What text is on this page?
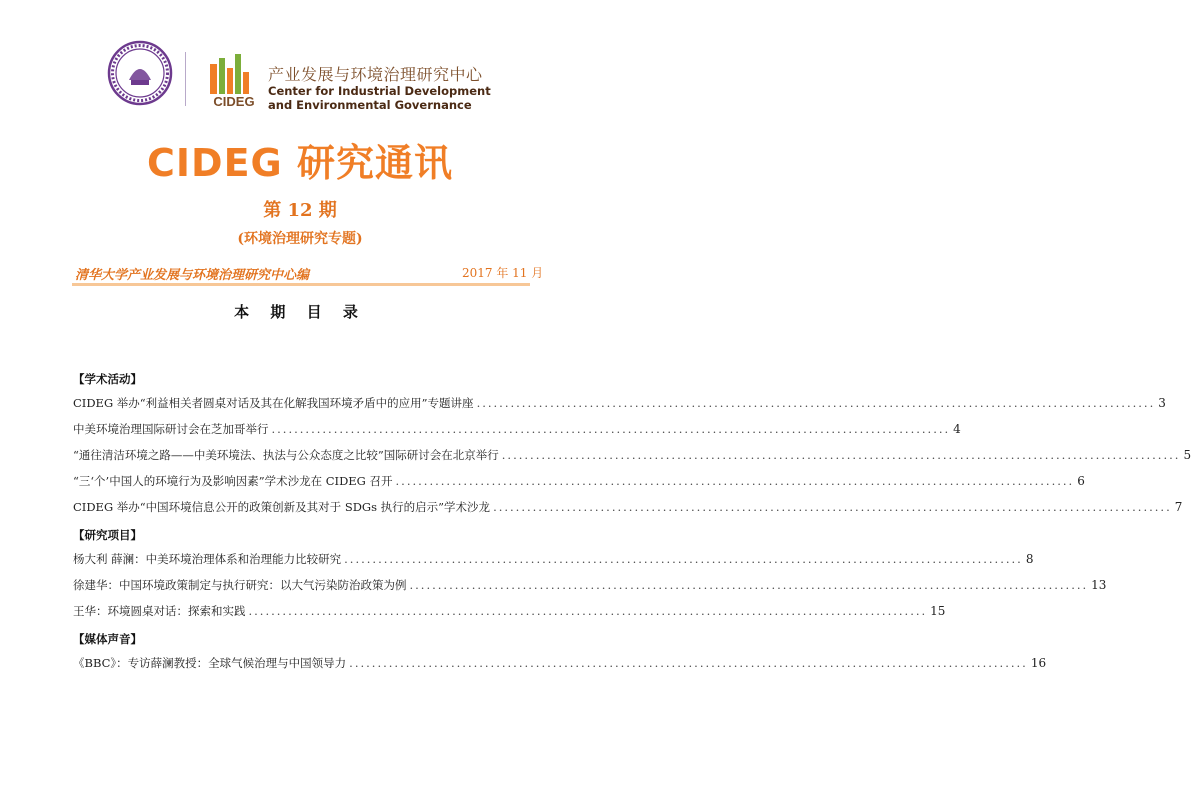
CIDEG
产业发展与环境治理研究中心
Center for Industrial Development
and Environmental Governance
CIDEG 研究通讯
第 12 期
(环境治理研究专题)
清华大学产业发展与环境治理研究中心编	2017 年 11 月
本 期 目 录
【学术活动】
CIDEG 举办“利益相关者圆桌对话及其在化解我国环境矛盾中的应用”专题讲座 ........................................................................................................................ 3
中美环境治理国际研讨会在芝加哥举行 ........................................................................................................................ 4
“通往清洁环境之路——中美环境法、执法与公众态度之比较”国际研讨会在北京举行 ........................................................................................................................ 5
“三‘个’中国人的环境行为及影响因素”学术沙龙在 CIDEG 召开 ........................................................................................................................ 6
CIDEG 举办“中国环境信息公开的政策创新及其对于 SDGs 执行的启示”学术沙龙 ........................................................................................................................ 7
【研究项目】
杨大利 薛澜：中美环境治理体系和治理能力比较研究 ........................................................................................................................ 8
徐建华：中国环境政策制定与执行研究：以大气污染防治政策为例 ........................................................................................................................ 13
王华：环境圆桌对话：探索和实践 ........................................................................................................................ 15
【媒体声音】
《BBC》：专访薛澜教授：全球气候治理与中国领导力 ........................................................................................................................ 16
